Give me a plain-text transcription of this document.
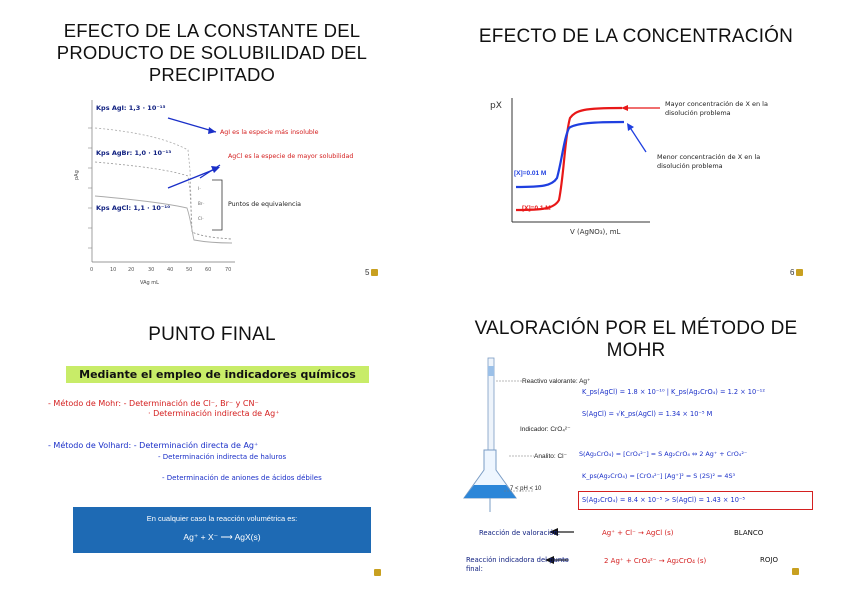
EFECTO DE LA CONSTANTE DEL PRODUCTO DE SOLUBILIDAD DEL PRECIPITADO
I⁻
Br⁻
Cl⁻
pAg
VAg mL
0	10 20	30	40	50	60	70
Kps AgI: 1,3 · 10⁻¹⁵
Kps AgBr: 1,0 · 10⁻¹³
Kps AgCl: 1,1 · 10⁻¹⁰
AgI es la especie más insoluble
AgCl es la especie de mayor solubilidad
Puntos de equivalencia
5
EFECTO DE LA CONCENTRACIÓN
pX
V (AgNO₃), mL
[X]=0.01 M
[X]=0.1 M
Mayor concentración de X en la disolución problema
Menor concentración de X en la disolución problema
6
PUNTO FINAL
Mediante el empleo de indicadores químicos
- Método de Mohr: - Determinación de Cl⁻, Br⁻ y CN⁻
· Determinación indirecta de Ag⁺
- Método de Volhard: - Determinación directa de Ag⁺
- Determinación indirecta de haluros
- Determinación de aniones de ácidos débiles
En cualquier caso la reacción volumétrica es:
Ag⁺ + X⁻ ⟶ AgX(s)
VALORACIÓN POR EL MÉTODO DE MOHR
Reactivo valorante: Ag⁺
Indicador: CrO₄²⁻
Analito: Cl⁻
7 < pH < 10
K_ps(AgCl) = 1.8 × 10⁻¹⁰ | K_ps(Ag₂CrO₄) = 1.2 × 10⁻¹²
S(AgCl) = √K_ps(AgCl) = 1.34 × 10⁻⁵ M
S(Ag₂CrO₄) = [CrO₄²⁻] = S Ag₂CrO₄ ⇔ 2 Ag⁺ + CrO₄²⁻
K_ps(Ag₂CrO₄) = [CrO₄²⁻] [Ag⁺]² = S (2S)² = 4S³
S(Ag₂CrO₄) = 8.4 × 10⁻⁵ > S(AgCl) = 1.43 × 10⁻⁵
Reacción de valoración:	Ag⁺ + Cl⁻ → AgCl (s)	BLANCO
Reacción indicadora del punto final:
2 Ag⁺ + CrO₄²⁻ → Ag₂CrO₄ (s)	ROJO
